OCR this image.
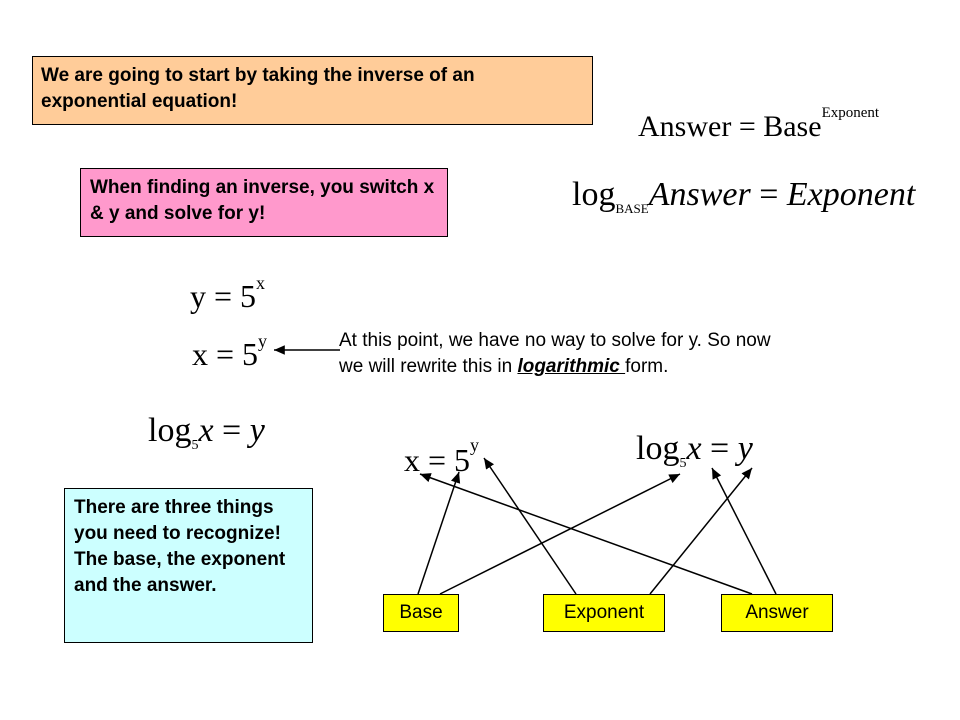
We are going to start by taking the inverse of an exponential equation!
When finding an inverse, you switch x & y and solve for y!
There are three things you need to recognize! The base, the exponent and the answer.
Answer = Base$^{Exponent}$
$\log_{BASE}Answer$ = Exponent
$y = 5^x$
$x = 5^y$	At this point, we have no way to solve for y. So now
we will rewrite this in logarithmic form.
$\log_5x = y$
$x = 5^y$	$\log_5x = y$
Base	Exponent	Answer
